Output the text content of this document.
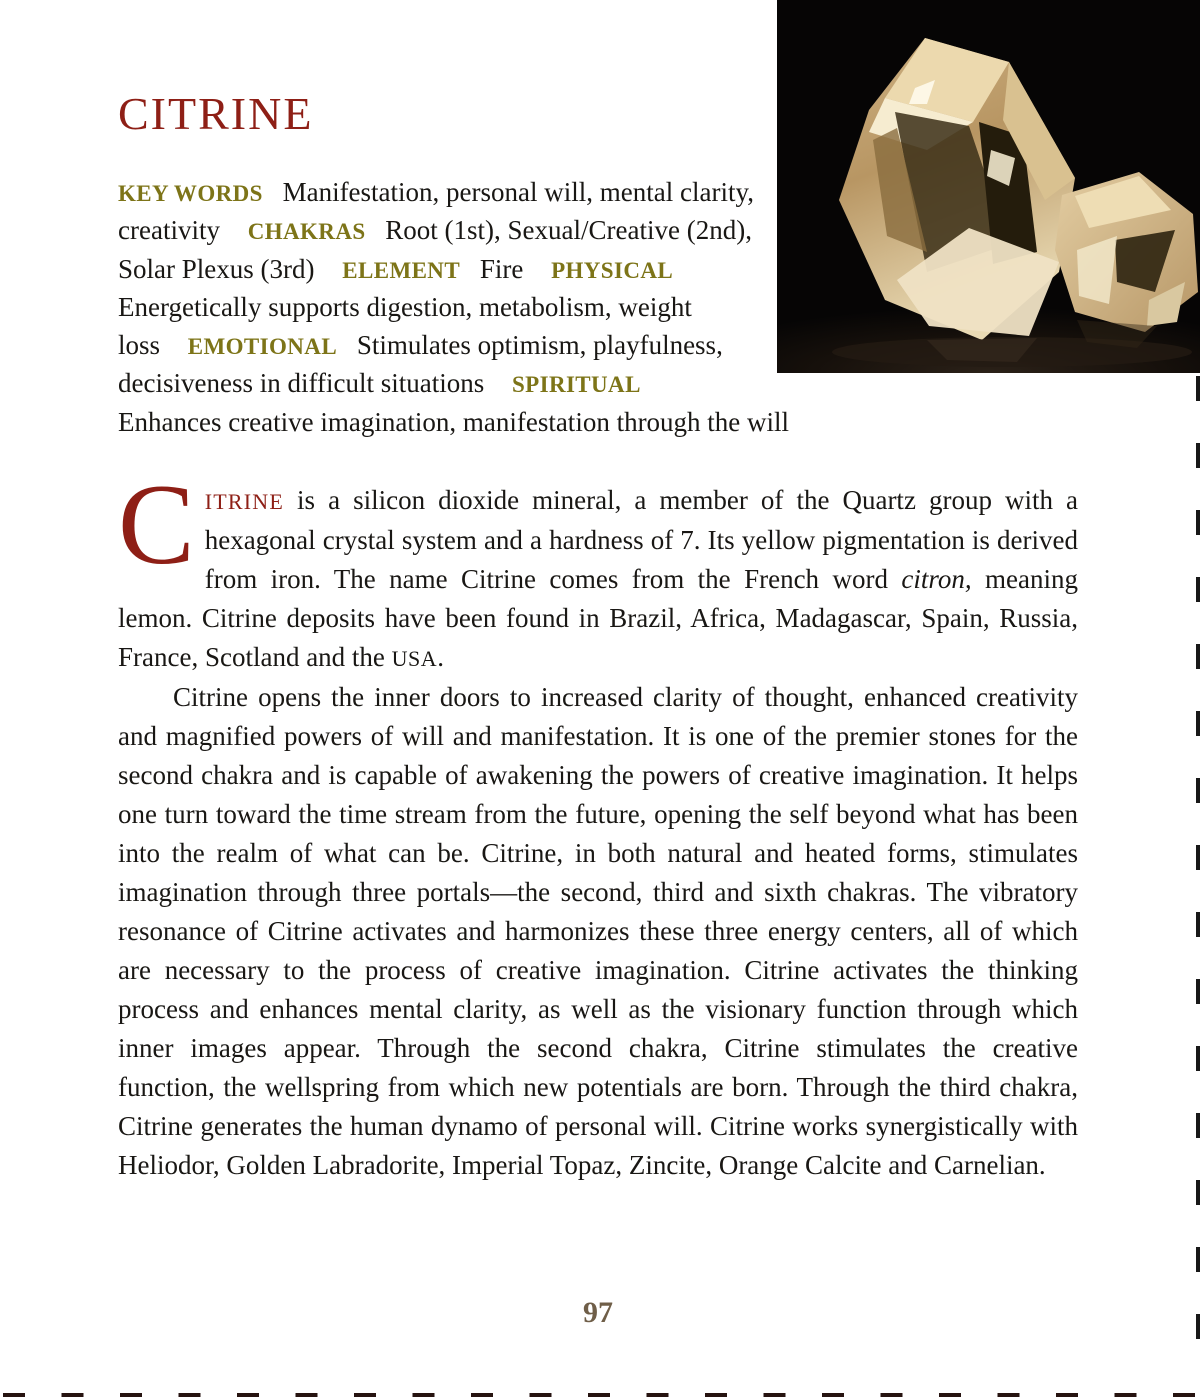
CITRINE

KEY WORDS Manifestation, personal will, mental clarity, creativity CHAKRAS Root (1st), Sexual/Creative (2nd), Solar Plexus (3rd) ELEMENT Fire PHYSICAL Energetically supports digestion, metabolism, weight loss EMOTIONAL Stimulates optimism, playfulness, decisiveness in difficult situations SPIRITUAL Enhances creative imagination, manifestation through the will

CITRINE is a silicon dioxide mineral, a member of the Quartz group with a hexagonal crystal system and a hardness of 7. Its yellow pigmentation is derived from iron. The name Citrine comes from the French word citron, meaning lemon. Citrine deposits have been found in Brazil, Africa, Madagascar, Spain, Russia, France, Scotland and the USA.

Citrine opens the inner doors to increased clarity of thought, enhanced creativity and magnified powers of will and manifestation. It is one of the premier stones for the second chakra and is capable of awakening the powers of creative imagination. It helps one turn toward the time stream from the future, opening the self beyond what has been into the realm of what can be. Citrine, in both natural and heated forms, stimulates imagination through three portals—the second, third and sixth chakras. The vibratory resonance of Citrine activates and harmonizes these three energy centers, all of which are necessary to the process of creative imagination. Citrine activates the thinking process and enhances mental clarity, as well as the visionary function through which inner images appear. Through the second chakra, Citrine stimulates the creative function, the wellspring from which new potentials are born. Through the third chakra, Citrine generates the human dynamo of personal will. Citrine works synergistically with Heliodor, Golden Labradorite, Imperial Topaz, Zincite, Orange Calcite and Carnelian.

97
